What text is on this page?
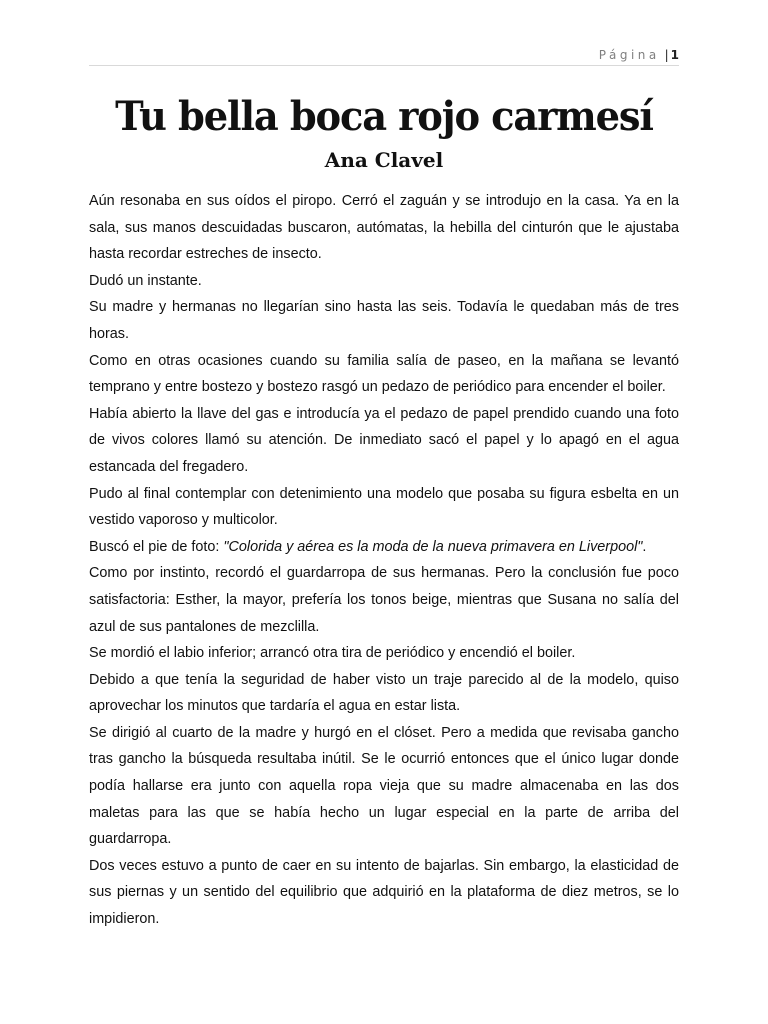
Página | 1
Tu bella boca rojo carmesí
Ana Clavel

Aún resonaba en sus oídos el piropo. Cerró el zaguán y se introdujo en la casa. Ya en la sala, sus manos descuidadas buscaron, autómatas, la hebilla del cinturón que le ajustaba hasta recordar estreches de insecto.

Dudó un instante.

Su madre y hermanas no llegarían sino hasta las seis. Todavía le quedaban más de tres horas.

Como en otras ocasiones cuando su familia salía de paseo, en la mañana se levantó temprano y entre bostezo y bostezo rasgó un pedazo de periódico para encender el boiler.

Había abierto la llave del gas e introducía ya el pedazo de papel prendido cuando una foto de vivos colores llamó su atención. De inmediato sacó el papel y lo apagó en el agua estancada del fregadero.

Pudo al final contemplar con detenimiento una modelo que posaba su figura esbelta en un vestido vaporoso y multicolor.

Buscó el pie de foto: "Colorida y aérea es la moda de la nueva primavera en Liverpool".

Como por instinto, recordó el guardarropa de sus hermanas. Pero la conclusión fue poco satisfactoria: Esther, la mayor, prefería los tonos beige, mientras que Susana no salía del azul de sus pantalones de mezclilla.

Se mordió el labio inferior; arrancó otra tira de periódico y encendió el boiler.

Debido a que tenía la seguridad de haber visto un traje parecido al de la modelo, quiso aprovechar los minutos que tardaría el agua en estar lista.

Se dirigió al cuarto de la madre y hurgó en el clóset. Pero a medida que revisaba gancho tras gancho la búsqueda resultaba inútil. Se le ocurrió entonces que el único lugar donde podía hallarse era junto con aquella ropa vieja que su madre almacenaba en las dos maletas para las que se había hecho un lugar especial en la parte de arriba del guardarropa.

Dos veces estuvo a punto de caer en su intento de bajarlas. Sin embargo, la elasticidad de sus piernas y un sentido del equilibrio que adquirió en la plataforma de diez metros, se lo impidieron.
